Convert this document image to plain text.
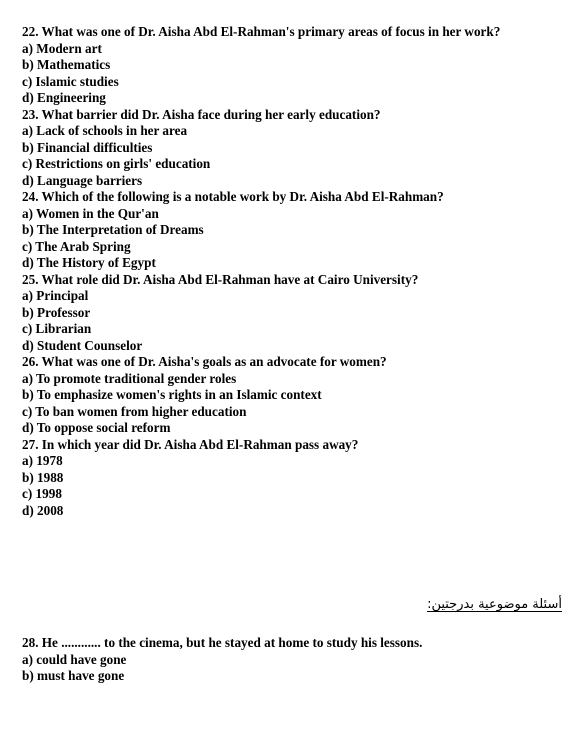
22. What was one of Dr. Aisha Abd El-Rahman's primary areas of focus in her work?
a) Modern art
b) Mathematics
c) Islamic studies
d) Engineering
23. What barrier did Dr. Aisha face during her early education?
a) Lack of schools in her area
b) Financial difficulties
c) Restrictions on girls' education
d) Language barriers
24. Which of the following is a notable work by Dr. Aisha Abd El-Rahman?
a) Women in the Qur'an
b) The Interpretation of Dreams
c) The Arab Spring
d) The History of Egypt
25. What role did Dr. Aisha Abd El-Rahman have at Cairo University?
a) Principal
b) Professor
c) Librarian
d) Student Counselor
26. What was one of Dr. Aisha's goals as an advocate for women?
a) To promote traditional gender roles
b) To emphasize women's rights in an Islamic context
c) To ban women from higher education
d) To oppose social reform
27. In which year did Dr. Aisha Abd El-Rahman pass away?
a) 1978
b) 1988
c) 1998
d) 2008
أسئلة موضوعية بدرجتين:
28. He ............ to the cinema, but he stayed at home to study his lessons.
a) could have gone
b) must have gone
